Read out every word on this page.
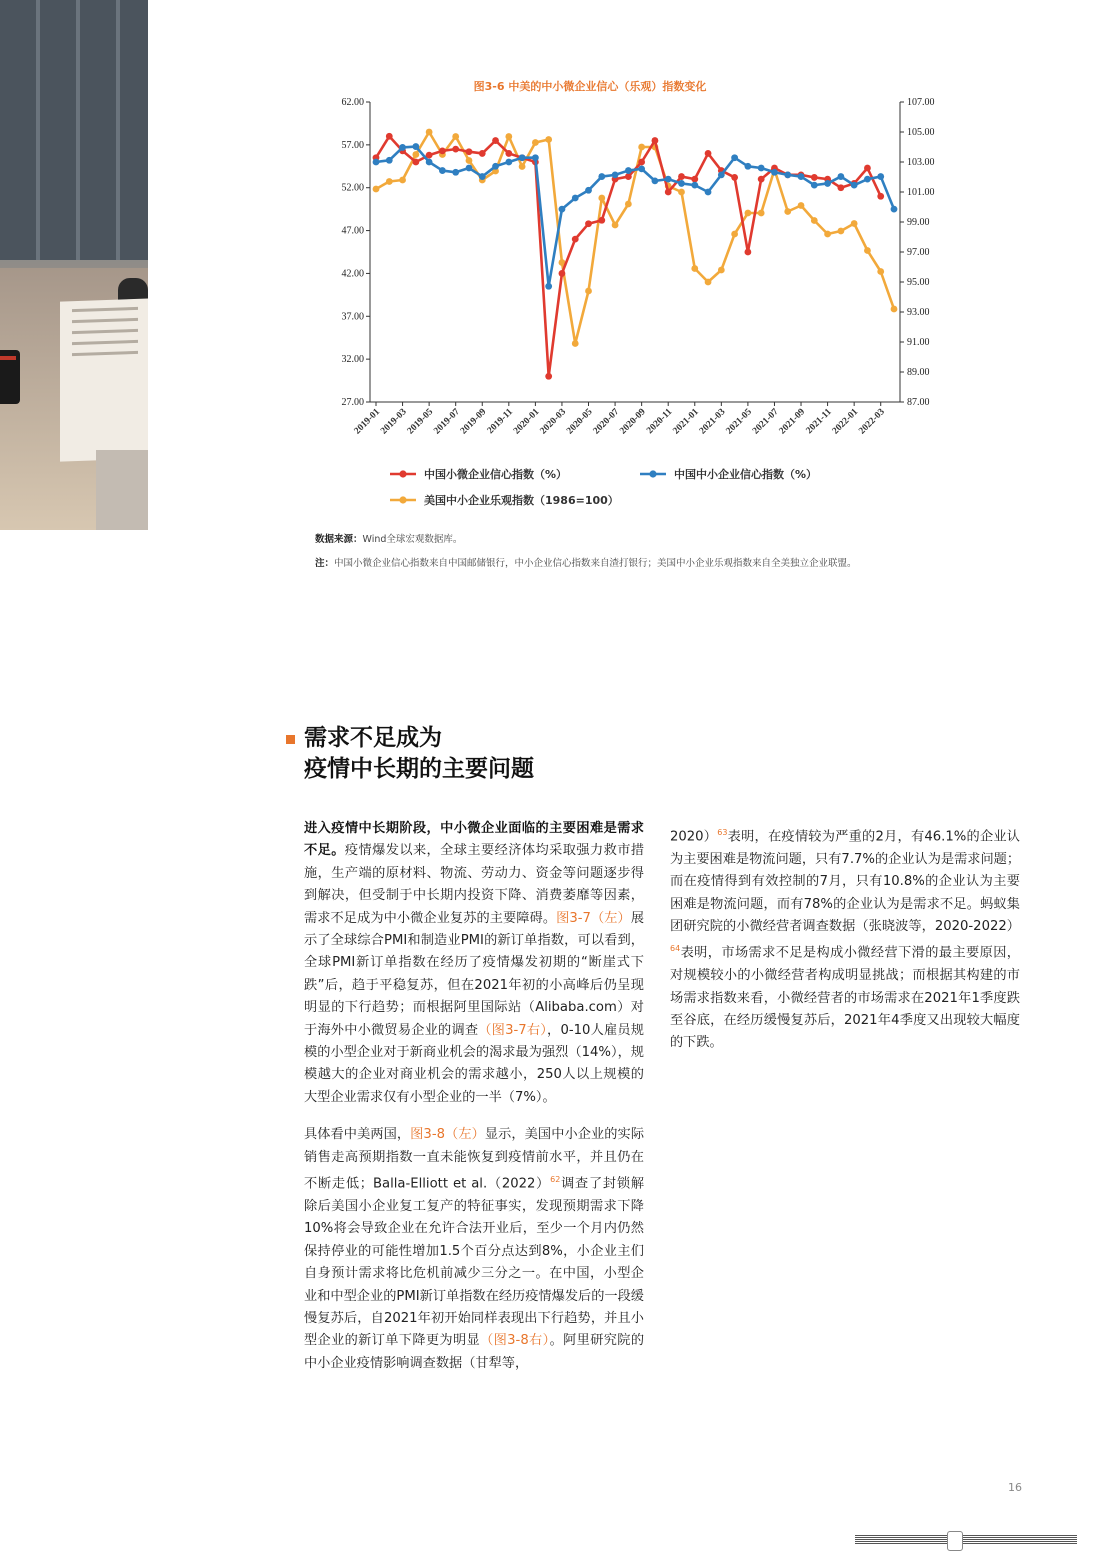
图3-6 中美的中小微企业信心（乐观）指数变化
62.00
57.00
52.00
47.00
42.00
37.00
32.00
27.00
107.00
105.00
103.00
101.00
99.00
97.00
95.00
93.00
91.00
89.00
87.00
2019-01
2019-03
2019-05
2019-07
2019-09
2019-11
2020-01
2020-03
2020-05
2020-07
2020-09
2020-11
2021-01
2021-03
2021-05
2021-07
2021-09
2021-11
2022-01
2022-03
中国小微企业信心指数（%）	中国中小企业信心指数（%）
美国中小企业乐观指数（1986=100）
数据来源：Wind全球宏观数据库。
注：中国小微企业信心指数来自中国邮储银行，中小企业信心指数来自渣打银行；美国中小企业乐观指数来自全美独立企业联盟。
需求不足成为
疫情中长期的主要问题

进入疫情中长期阶段，中小微企业面临的主要困难是需求不足。疫情爆发以来，全球主要经济体均采取强力救市措施，生产端的原材料、物流、劳动力、资金等问题逐步得到解决，但受制于中长期内投资下降、消费萎靡等因素，需求不足成为中小微企业复苏的主要障碍。图3-7（左）展示了全球综合PMI和制造业PMI的新订单指数，可以看到，全球PMI新订单指数在经历了疫情爆发初期的“断崖式下跌”后，趋于平稳复苏，但在2021年初的小高峰后仍呈现明显的下行趋势；而根据阿里国际站（Alibaba.com）对于海外中小微贸易企业的调查（图3-7右），0-10人雇员规模的小型企业对于新商业机会的渴求最为强烈（14%），规模越大的企业对商业机会的需求越小，250人以上规模的大型企业需求仅有小型企业的一半（7%）。

具体看中美两国，图3-8（左）显示，美国中小企业的实际销售走高预期指数一直未能恢复到疫情前水平，并且仍在不断走低；Balla-Elliott et $al.(2022)^{62}$调查了封锁解除后美国小企业复工复产的特征事实，发现预期需求下降10%将会导致企业在允许合法开业后，至少一个月内仍然保持停业的可能性增加1.5个百分点达到8%，小企业主们自身预计需求将比危机前减少三分之一。在中国，小型企业和中型企业的PMI新订单指数在经历疫情爆发后的一段缓慢复苏后，自2021年初开始同样表现出下行趋势，并且小型企业的新订单下降更为明显（图3-8右）。阿里研究院的中小企业疫情影响调查数据（甘犁等，

2020）$^{63}$表明，在疫情较为严重的2月，有46.1%的企业认为主要困难是物流问题，只有7.7%的企业认为是需求问题；而在疫情得到有效控制的7月，只有10.8%的企业认为主要困难是物流问题，而有78%的企业认为是需求不足。蚂蚁集团研究院的小微经营者调查数据（张晓波等，2020-2022）$^{64}$表明，市场需求不足是构成小微经营下滑的最主要原因，对规模较小的小微经营者构成明显挑战；而根据其构建的市场需求指数来看，小微经营者的市场需求在2021年1季度跌至谷底，在经历缓慢复苏后，2021年4季度又出现较大幅度的下跌。

16
